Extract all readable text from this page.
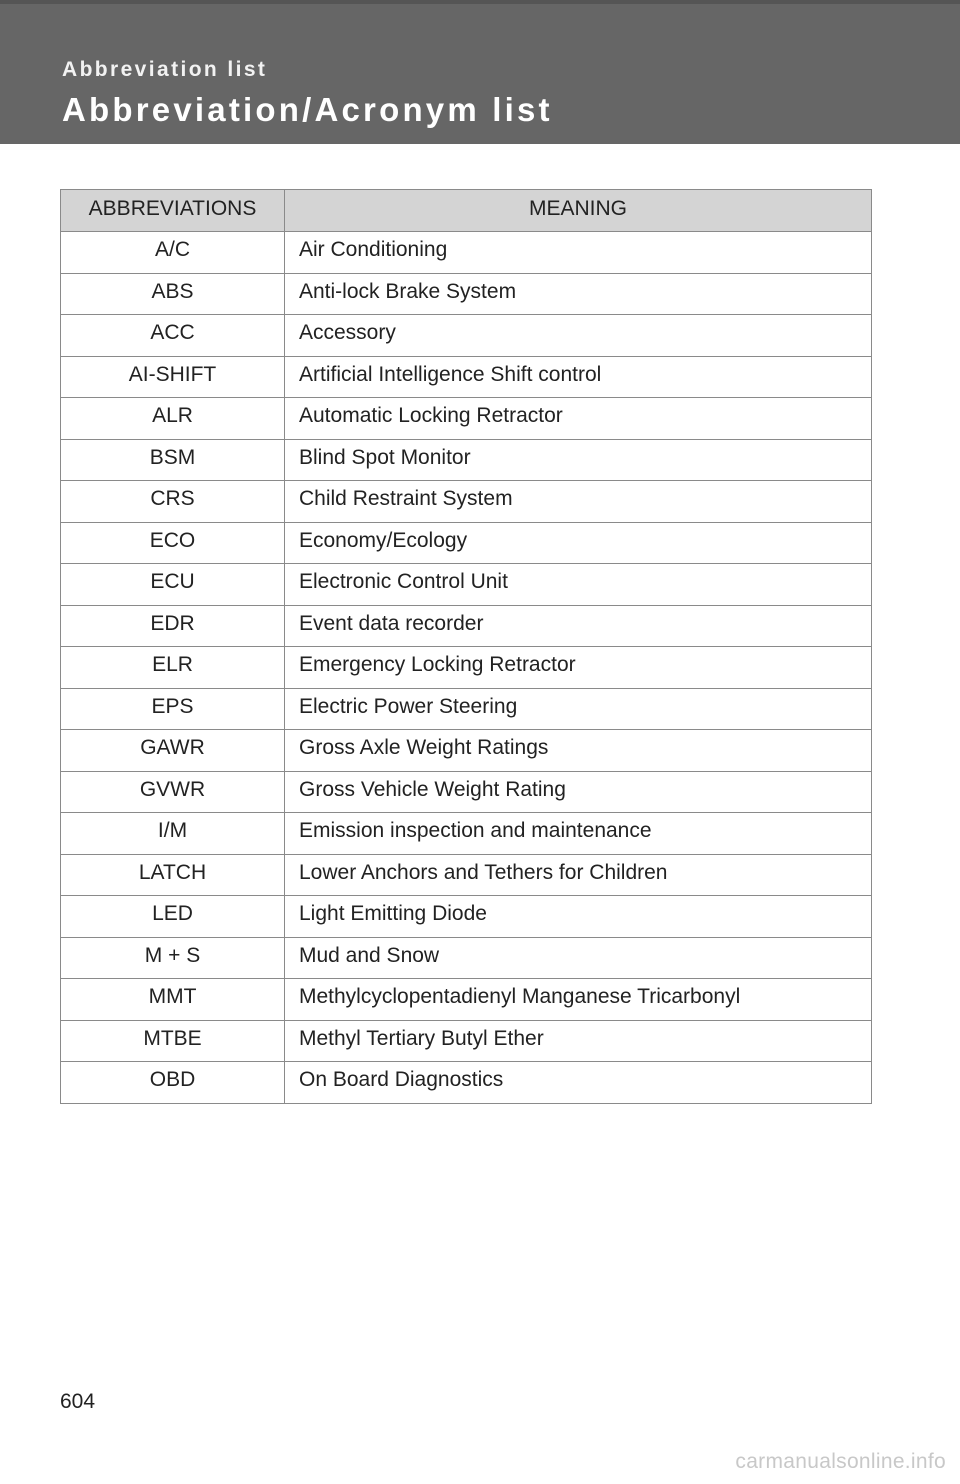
Abbreviation list
Abbreviation/Acronym list
ABBREVIATIONS	MEANING
A/C	Air Conditioning
ABS	Anti-lock Brake System
ACC	Accessory
AI-SHIFT	Artificial Intelligence Shift control
ALR	Automatic Locking Retractor
BSM	Blind Spot Monitor
CRS	Child Restraint System
ECO	Economy/Ecology
ECU	Electronic Control Unit
EDR	Event data recorder
ELR	Emergency Locking Retractor
EPS	Electric Power Steering
GAWR	Gross Axle Weight Ratings
GVWR	Gross Vehicle Weight Rating
I/M	Emission inspection and maintenance
LATCH	Lower Anchors and Tethers for Children
LED	Light Emitting Diode
M + S	Mud and Snow
MMT	Methylcyclopentadienyl Manganese Tricarbonyl
MTBE	Methyl Tertiary Butyl Ether
OBD	On Board Diagnostics
604
carmanualsonline.info
